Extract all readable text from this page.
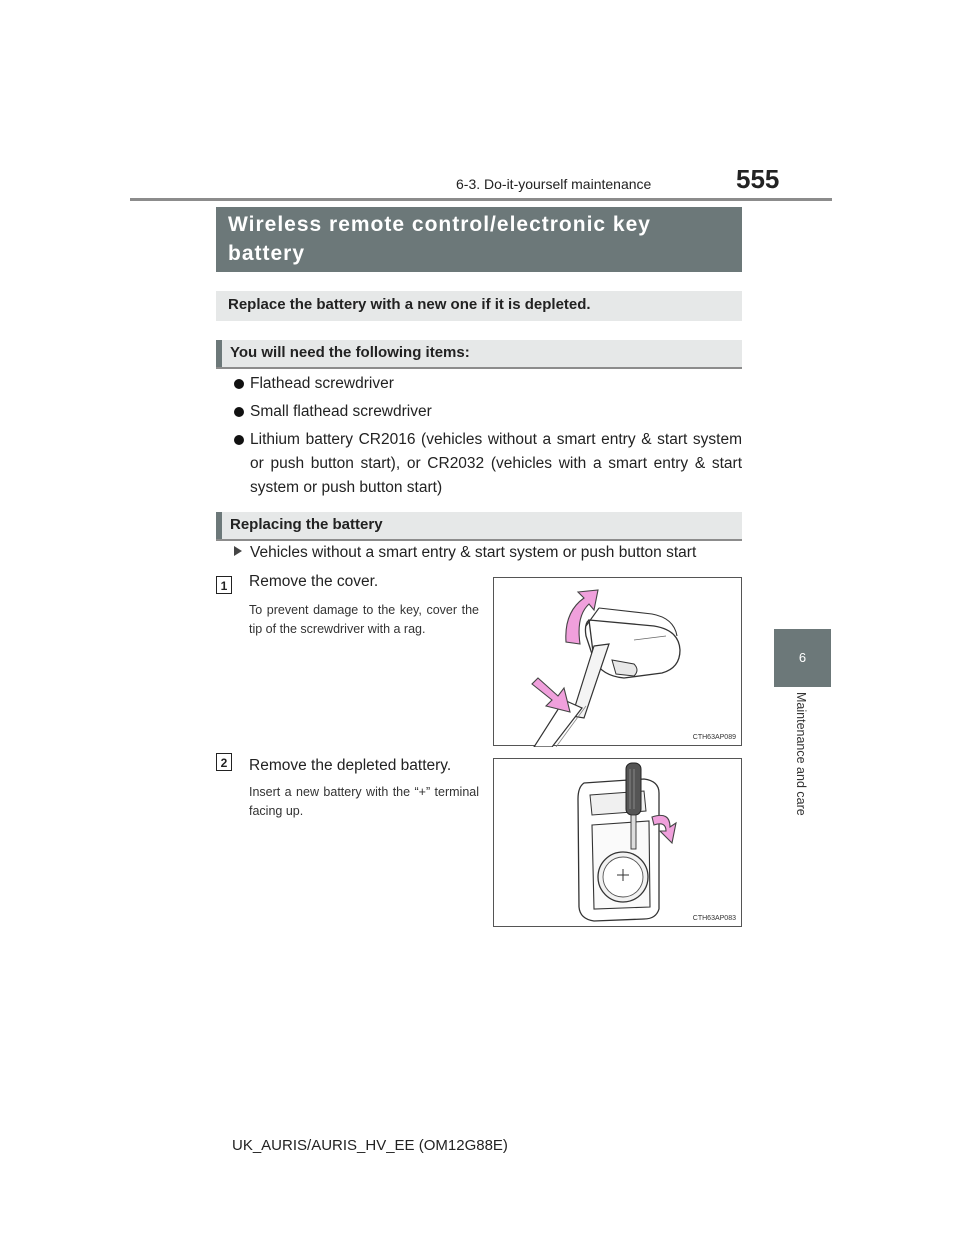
6-3. Do-it-yourself maintenance	555
Wireless remote control/electronic key
battery
Replace the battery with a new one if it is depleted.
You will need the following items:
Flathead screwdriver
Small flathead screwdriver
Lithium battery CR2016 (vehicles without a smart entry & start system or push button start), or CR2032 (vehicles with a smart entry & start system or push button start)
Replacing the battery
Vehicles without a smart entry & start system or push button start
1	Remove the cover.
To prevent damage to the key, cover the tip of the screwdriver with a rag.
CTH63AP089
2	Remove the depleted battery.
Insert a new battery with the “+” terminal facing up.
CTH63AP083
6
Maintenance and care
UK_AURIS/AURIS_HV_EE (OM12G88E)
